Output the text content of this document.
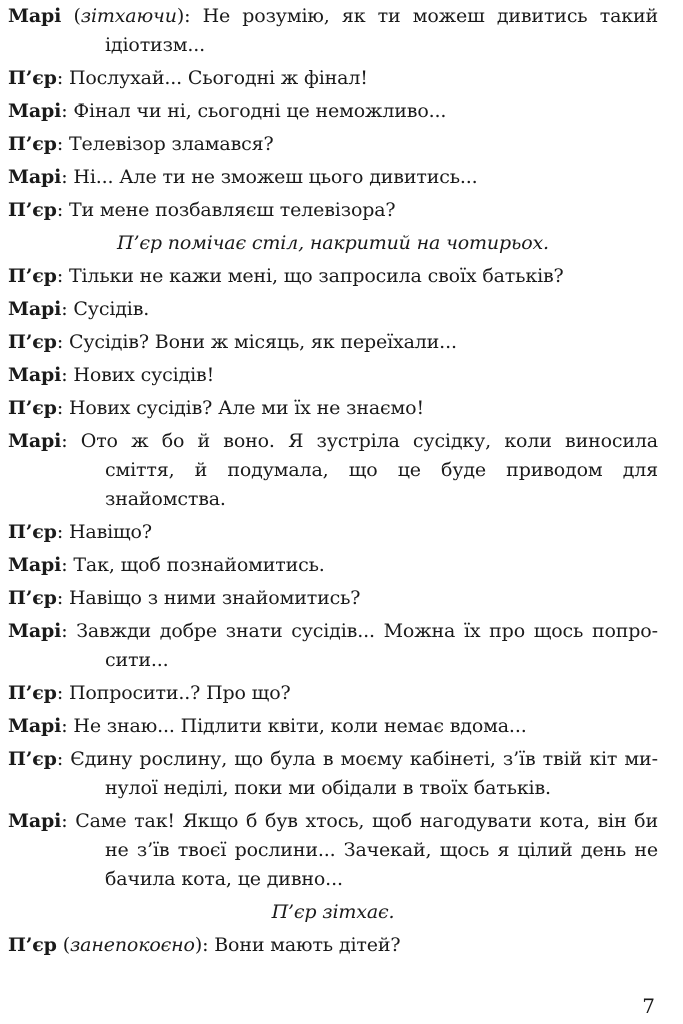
Марі (зітхаючи): Не розумію, як ти можеш дивитись такий ідіотизм...
П’єр: Послухай... Сьогодні ж фінал!
Марі: Фінал чи ні, сьогодні це неможливо...
П’єр: Телевізор зламався?
Марі: Ні... Але ти не зможеш цього дивитись...
П’єр: Ти мене позбавляєш телевізора?
П’єр помічає стіл, накритий на чотирьох.
П’єр: Тільки не кажи мені, що запросила своїх батьків?
Марі: Сусідів.
П’єр: Сусідів? Вони ж місяць, як переїхали...
Марі: Нових сусідів!
П’єр: Нових сусідів? Але ми їх не знаємо!
Марі: Ото ж бо й воно. Я зустріла сусідку, коли виносила сміття, й подумала, що це буде приводом для знайомства.
П’єр: Навіщо?
Марі: Так, щоб познайомитись.
П’єр: Навіщо з ними знайомитись?
Марі: Завжди добре знати сусідів... Можна їх про щось попросити...
П’єр: Попросити..? Про що?
Марі: Не знаю... Підлити квіти, коли немає вдома...
П’єр: Єдину рослину, що була в моєму кабінеті, з’їв твій кіт минулої неділі, поки ми обідали в твоїх батьків.
Марі: Саме так! Якщо б був хтось, щоб нагодувати кота, він би не з’їв твоєї рослини... Зачекай, щось я цілий день не бачила кота, це дивно...
П’єр зітхає.
П’єр (занепокоєно): Вони мають дітей?
7
